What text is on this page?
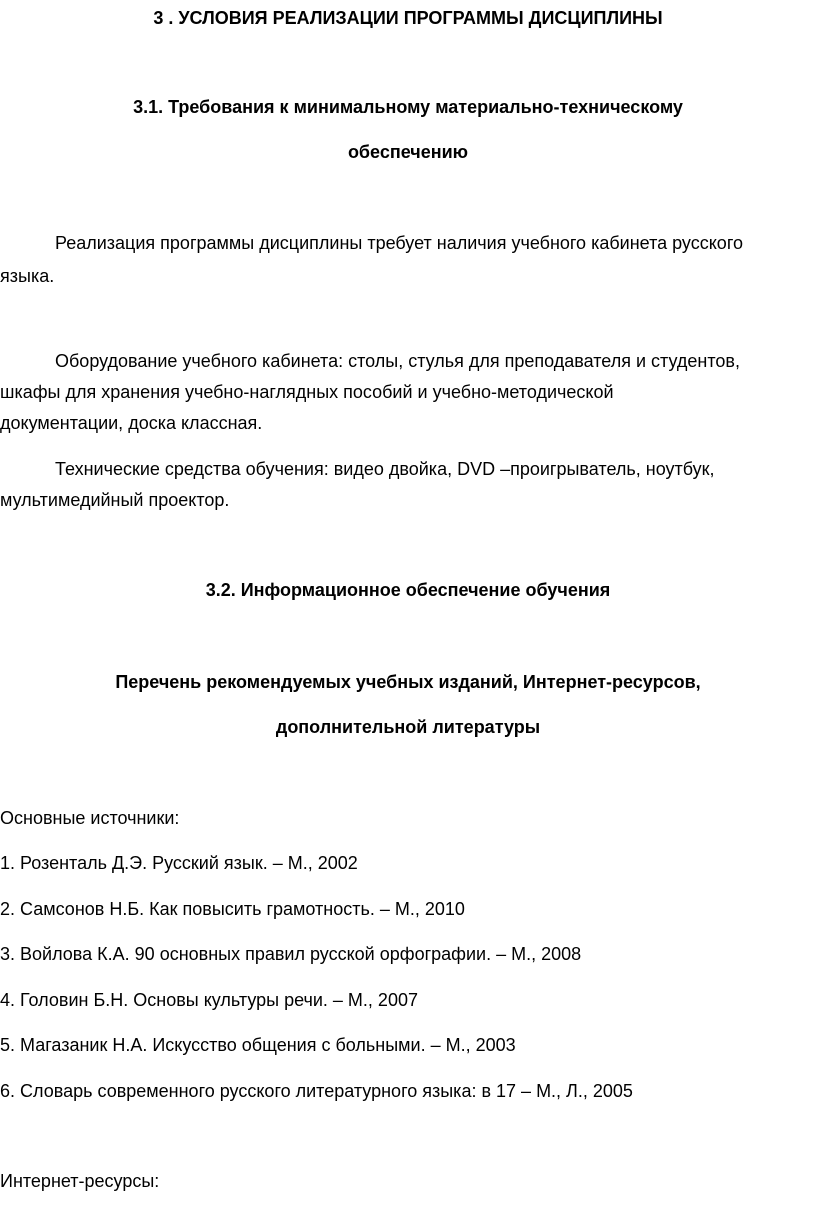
3 . УСЛОВИЯ РЕАЛИЗАЦИИ ПРОГРАММЫ ДИСЦИПЛИНЫ
3.1. Требования к минимальному материально-техническому
обеспечению
Реализация программы дисциплины требует наличия учебного кабинета русского
языка.
Оборудование учебного кабинета: столы, стулья для преподавателя и студентов,
шкафы для хранения учебно-наглядных пособий и учебно-методической
документации, доска классная.
Технические средства обучения: видео двойка, DVD –проигрыватель, ноутбук,
мультимедийный проектор.
3.2. Информационное обеспечение обучения
Перечень рекомендуемых учебных изданий, Интернет-ресурсов,
дополнительной литературы
Основные источники:
1. Розенталь Д.Э. Русский язык. – М., 2002
2. Самсонов Н.Б. Как повысить грамотность. – М., 2010
3. Войлова К.А. 90 основных правил русской орфографии. – М., 2008
4. Головин Б.Н. Основы культуры речи. – М., 2007
5. Магазаник Н.А. Искусство общения с больными. – М., 2003
6. Словарь современного русского литературного языка: в 17 – М., Л., 2005
Интернет-ресурсы:
